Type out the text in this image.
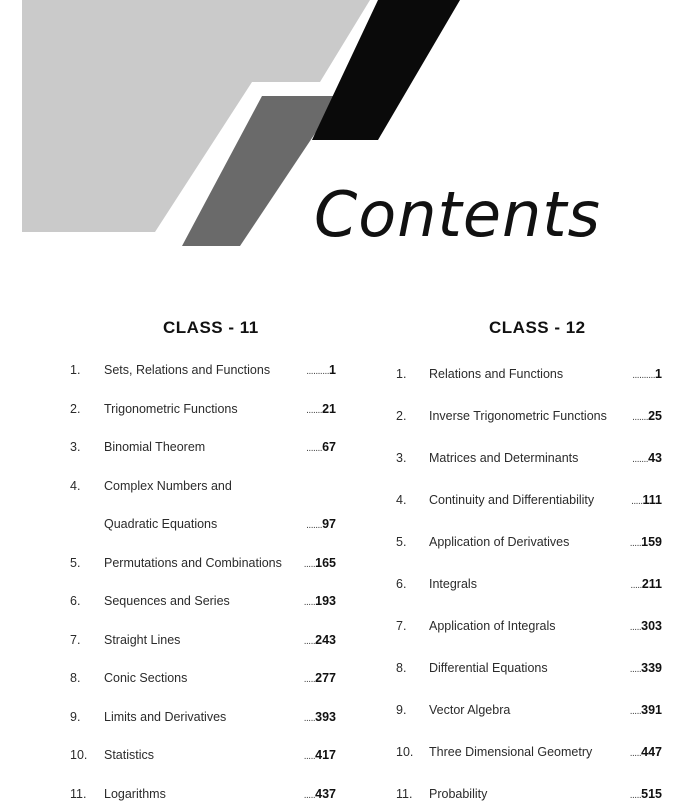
Contents
CLASS - 11	CLASS - 12
1. Sets, Relations and Functions	..........1
2. Trigonometric Functions	.......21
3. Binomial Theorem	.......67
4. Complex Numbers and
Quadratic Equations	.......97
5. Permutations and Combinations .....165
6. Sequences and Series	.....193
7. Straight Lines	.....243
8. Conic Sections	.....277
9. Limits and Derivatives	.....393
10. Statistics	.....417
11. Logarithms	.....437
1. Relations and Functions	..........1
2. Inverse Trigonometric Functions	.......25
3. Matrices and Determinants	.......43
4. Continuity and Differentiability	.....111
5. Application of Derivatives	.....159
6. Integrals	.....211
7. Application of Integrals	.....303
8. Differential Equations	.....339
9. Vector Algebra	.....391
10. Three Dimensional Geometry	.....447
11. Probability	.....515
